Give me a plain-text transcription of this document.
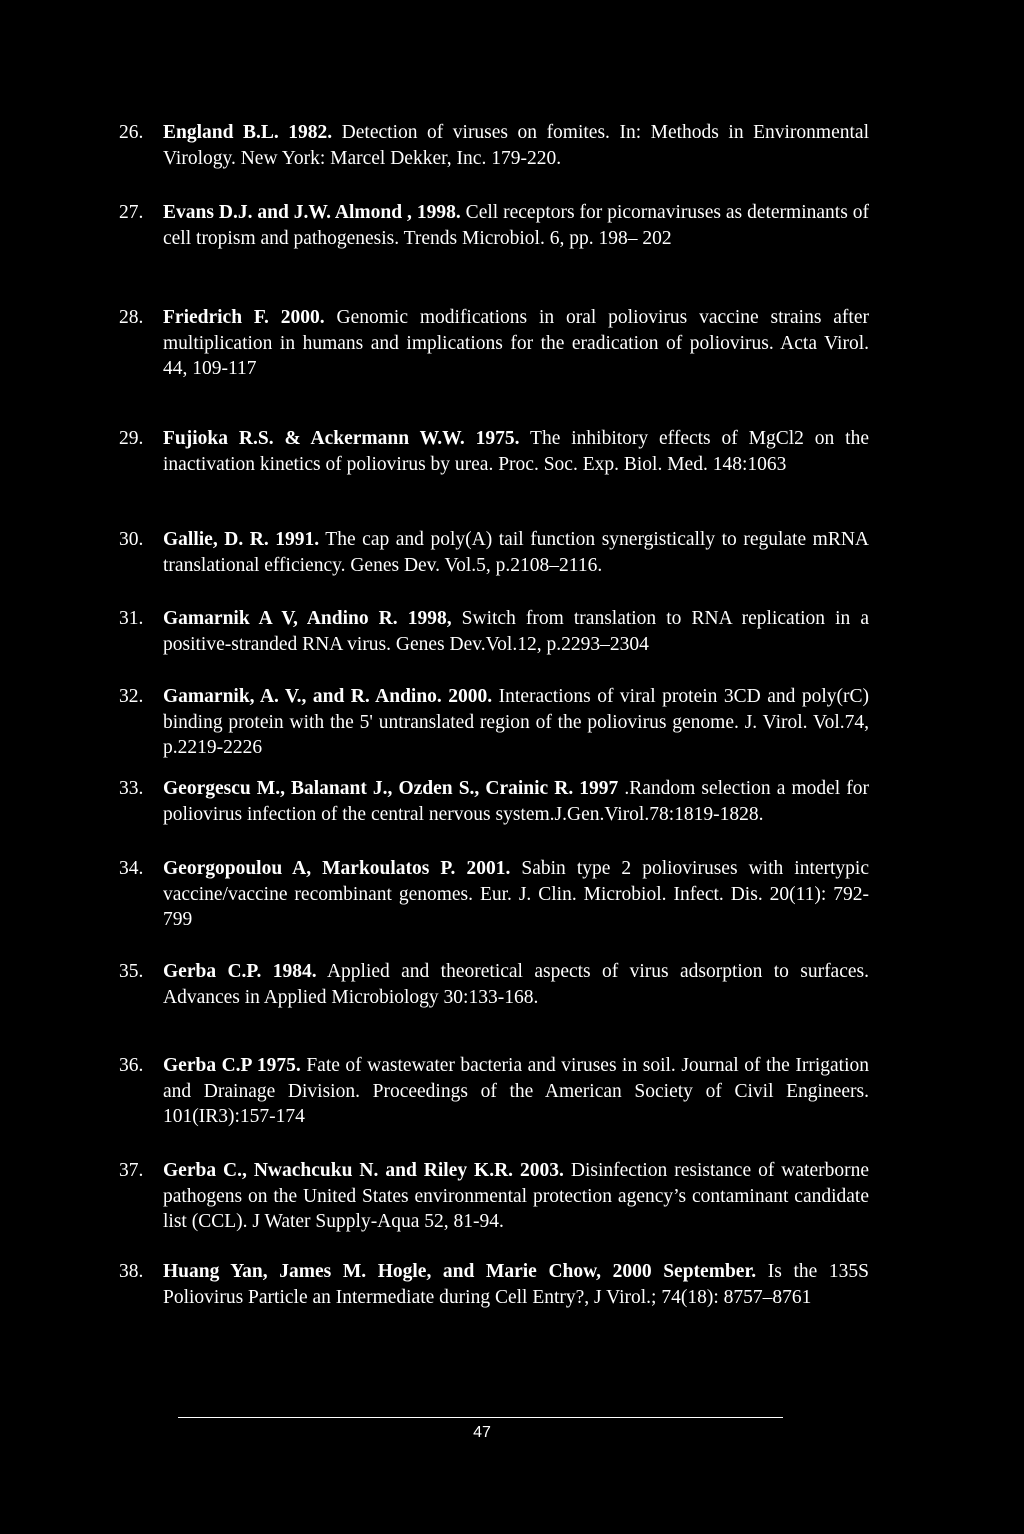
26.	England B.L. 1982. Detection of viruses on fomites. In: Methods in Environmental Virology. New York: Marcel Dekker, Inc. 179-220.
27.	Evans D.J. and J.W. Almond , 1998. Cell receptors for picornaviruses as determinants of cell tropism and pathogenesis. Trends Microbiol. 6, pp. 198– 202
28.	Friedrich F. 2000. Genomic modifications in oral poliovirus vaccine strains after multiplication in humans and implications for the eradication of poliovirus. Acta Virol. 44, 109-117
29.	Fujioka R.S. & Ackermann W.W. 1975. The inhibitory effects of MgCl2 on the inactivation kinetics of poliovirus by urea. Proc. Soc. Exp. Biol. Med. 148:1063
30.	Gallie, D. R. 1991. The cap and poly(A) tail function synergistically to regulate mRNA translational efficiency. Genes Dev. Vol.5, p.2108–2116.
31.	Gamarnik A V, Andino R. 1998, Switch from translation to RNA replication in a positive-stranded RNA virus. Genes Dev.Vol.12, p.2293–2304
32.	Gamarnik, A. V., and R. Andino. 2000. Interactions of viral protein 3CD and poly(rC) binding protein with the 5' untranslated region of the poliovirus genome. J. Virol. Vol.74, p.2219-2226
33.	Georgescu M., Balanant J., Ozden S., Crainic R. 1997 .Random selection a model for poliovirus infection of the central nervous system.J.Gen.Virol.78:1819-1828.
34.	Georgopoulou A, Markoulatos P. 2001. Sabin type 2 polioviruses with intertypic vaccine/vaccine recombinant genomes. Eur. J. Clin. Microbiol. Infect. Dis. 20(11): 792-799
35.	Gerba C.P. 1984. Applied and theoretical aspects of virus adsorption to surfaces. Advances in Applied Microbiology 30:133-168.
36.	Gerba C.P 1975. Fate of wastewater bacteria and viruses in soil. Journal of the Irrigation and Drainage Division. Proceedings of the American Society of Civil Engineers. 101(IR3):157-174
37.	Gerba C., Nwachcuku N. and Riley K.R. 2003. Disinfection resistance of waterborne pathogens on the United States environmental protection agency’s contaminant candidate list (CCL). J Water Supply-Aqua 52, 81-94.
38.	Huang Yan, James M. Hogle, and Marie Chow, 2000 September. Is the 135S Poliovirus Particle an Intermediate during Cell Entry?, J Virol.; 74(18): 8757–8761
47
